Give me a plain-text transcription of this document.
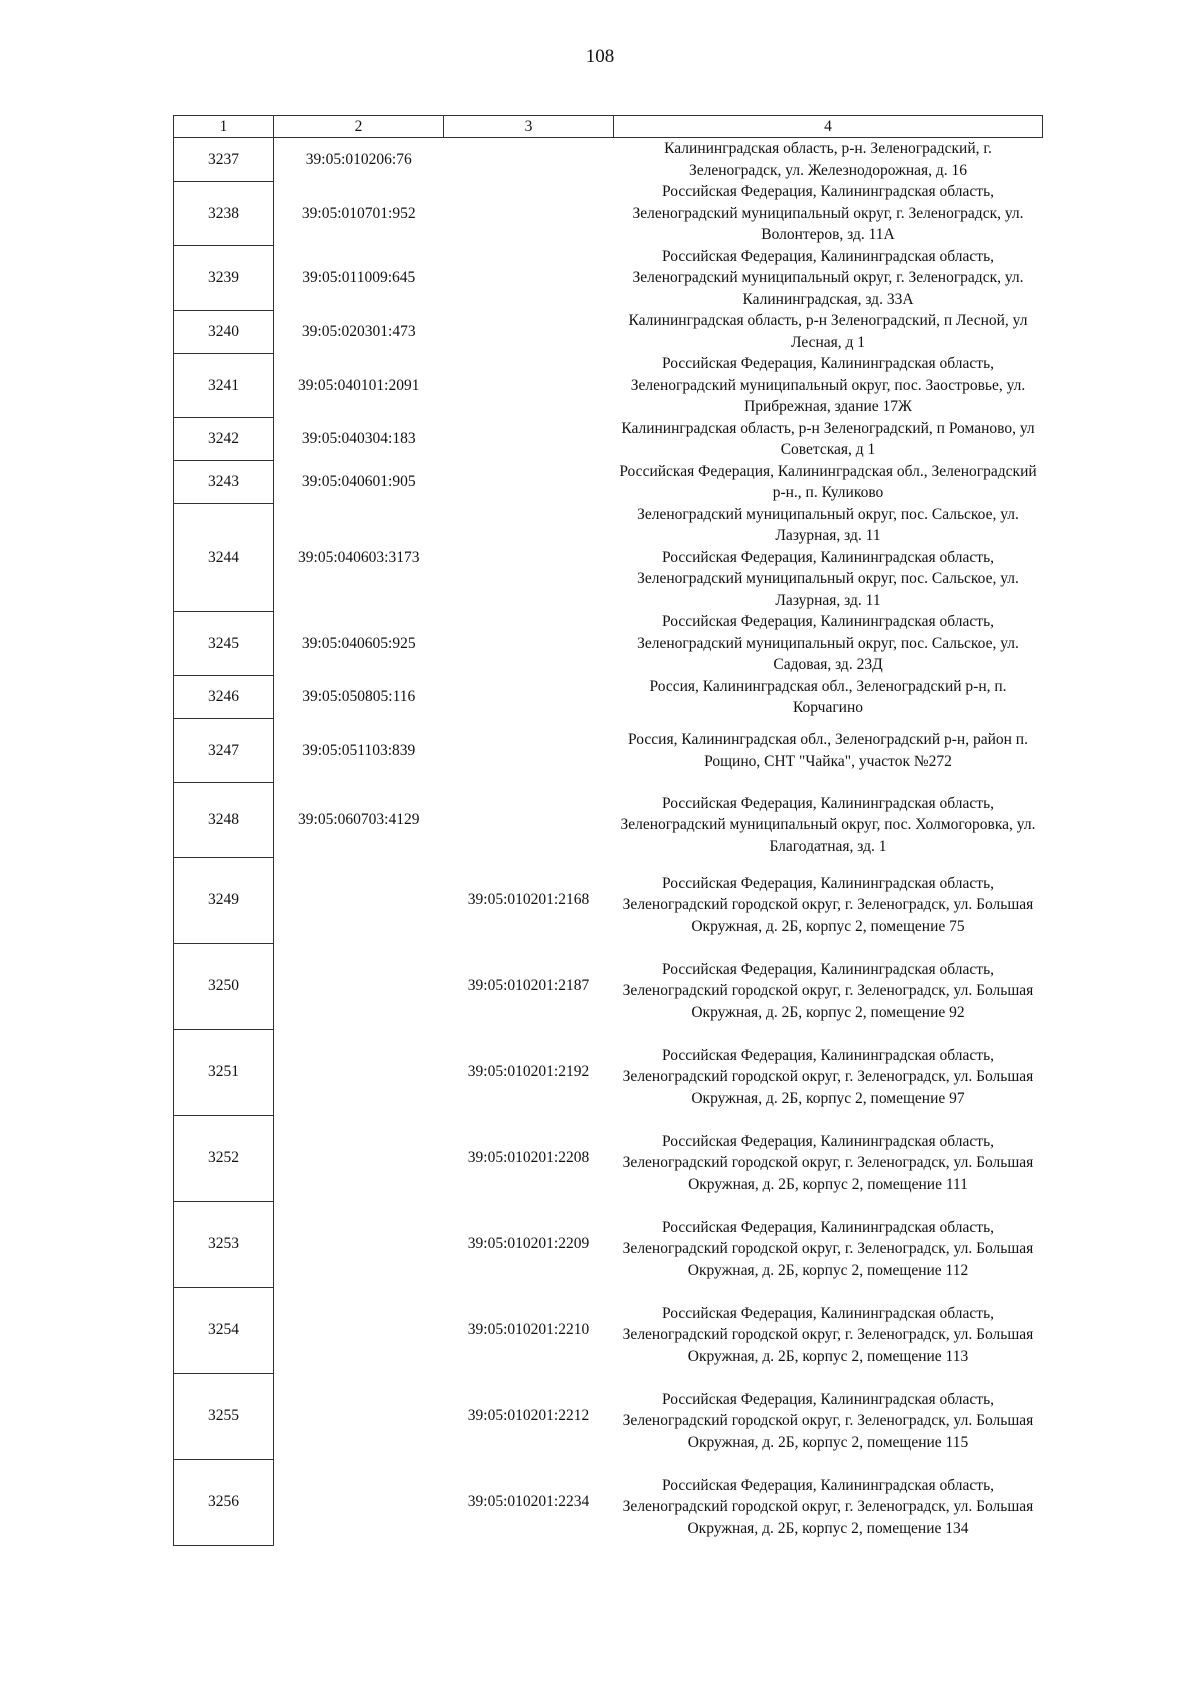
108
1	2	3	4
3237	39:05:010206:76		Калининградская область, р-н. Зеленоградский, г. Зеленоградск, ул. Железнодорожная, д. 16

3238	39:05:010701:952		Российская Федерация, Калининградская область, Зеленоградский муниципальный округ, г. Зеленоградск, ул. Волонтеров, зд. 11А

3239	39:05:011009:645		Российская Федерация, Калининградская область, Зеленоградский муниципальный округ, г. Зеленоградск, ул. Калининградская, зд. 33А

3240	39:05:020301:473		Калининградская область, р-н Зеленоградский, п Лесной, ул Лесная, д 1

3241	39:05:040101:2091		Российская Федерация, Калининградская область, Зеленоградский муниципальный округ, пос. Заостровье, ул. Прибрежная, здание 17Ж

3242	39:05:040304:183		Калининградская область, р-н Зеленоградский, п Романово, ул Советская, д 1

3243	39:05:040601:905		Российская Федерация, Калининградская обл., Зеленоградский р-н., п. Куликово

3244	39:05:040603:3173		Зеленоградский муниципальный округ, пос. Сальское, ул. Лазурная, зд. 11
Российская Федерация, Калининградская область, Зеленоградский муниципальный округ, пос. Сальское, ул. Лазурная, зд. 11

3245	39:05:040605:925		Российская Федерация, Калининградская область, Зеленоградский муниципальный округ, пос. Сальское, ул. Садовая, зд. 23Д

3246	39:05:050805:116		Россия, Калининградская обл., Зеленоградский р-н, п. Корчагино

3247	39:05:051103:839		Россия, Калининградская обл., Зеленоградский р-н, район п. Рощино, СНТ "Чайка", участок №272

3248	39:05:060703:4129		Российская Федерация, Калининградская область, Зеленоградский муниципальный округ, пос. Холмогоровка, ул. Благодатная, зд. 1

3249		39:05:010201:2168	Российская Федерация, Калининградская область, Зеленоградский городской округ, г. Зеленоградск, ул. Большая Окружная, д. 2Б, корпус 2, помещение 75

3250		39:05:010201:2187	Российская Федерация, Калининградская область, Зеленоградский городской округ, г. Зеленоградск, ул. Большая Окружная, д. 2Б, корпус 2, помещение 92

3251		39:05:010201:2192	Российская Федерация, Калининградская область, Зеленоградский городской округ, г. Зеленоградск, ул. Большая Окружная, д. 2Б, корпус 2, помещение 97

3252		39:05:010201:2208	Российская Федерация, Калининградская область, Зеленоградский городской округ, г. Зеленоградск, ул. Большая Окружная, д. 2Б, корпус 2, помещение 111

3253		39:05:010201:2209	Российская Федерация, Калининградская область, Зеленоградский городской округ, г. Зеленоградск, ул. Большая Окружная, д. 2Б, корпус 2, помещение 112

3254		39:05:010201:2210	Российская Федерация, Калининградская область, Зеленоградский городской округ, г. Зеленоградск, ул. Большая Окружная, д. 2Б, корпус 2, помещение 113

3255		39:05:010201:2212	Российская Федерация, Калининградская область, Зеленоградский городской округ, г. Зеленоградск, ул. Большая Окружная, д. 2Б, корпус 2, помещение 115

3256		39:05:010201:2234	Российская Федерация, Калининградская область, Зеленоградский городской округ, г. Зеленоградск, ул. Большая Окружная, д. 2Б, корпус 2, помещение 134
